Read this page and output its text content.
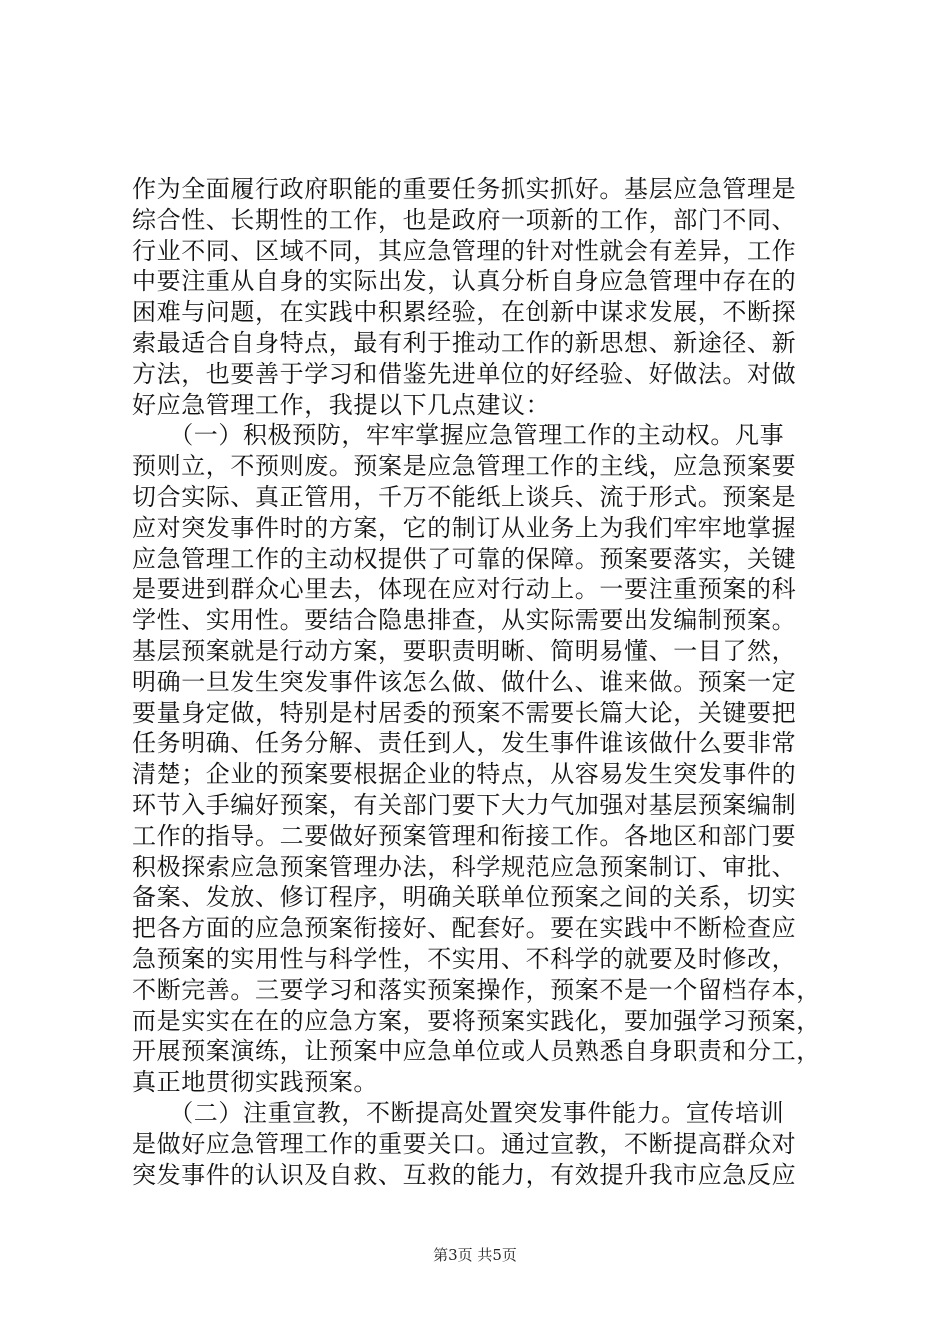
作为全面履行政府职能的重要任务抓实抓好。基层应急管理是
综合性、长期性的工作，也是政府一项新的工作，部门不同、
行业不同、区域不同，其应急管理的针对性就会有差异，工作
中要注重从自身的实际出发，认真分析自身应急管理中存在的
困难与问题，在实践中积累经验，在创新中谋求发展，不断探
索最适合自身特点，最有利于推动工作的新思想、新途径、新
方法，也要善于学习和借鉴先进单位的好经验、好做法。对做
好应急管理工作，我提以下几点建议：
　　（一）积极预防，牢牢掌握应急管理工作的主动权。凡事
预则立，不预则废。预案是应急管理工作的主线，应急预案要
切合实际、真正管用，千万不能纸上谈兵、流于形式。预案是
应对突发事件时的方案，它的制订从业务上为我们牢牢地掌握
应急管理工作的主动权提供了可靠的保障。预案要落实，关键
是要进到群众心里去，体现在应对行动上。一要注重预案的科
学性、实用性。要结合隐患排查，从实际需要出发编制预案。
基层预案就是行动方案，要职责明晰、简明易懂、一目了然，
明确一旦发生突发事件该怎么做、做什么、谁来做。预案一定
要量身定做，特别是村居委的预案不需要长篇大论，关键要把
任务明确、任务分解、责任到人，发生事件谁该做什么要非常
清楚；企业的预案要根据企业的特点，从容易发生突发事件的
环节入手编好预案，有关部门要下大力气加强对基层预案编制
工作的指导。二要做好预案管理和衔接工作。各地区和部门要
积极探索应急预案管理办法，科学规范应急预案制订、审批、
备案、发放、修订程序，明确关联单位预案之间的关系，切实
把各方面的应急预案衔接好、配套好。要在实践中不断检查应
急预案的实用性与科学性，不实用、不科学的就要及时修改，
不断完善。三要学习和落实预案操作，预案不是一个留档存本，
而是实实在在的应急方案，要将预案实践化，要加强学习预案，
开展预案演练，让预案中应急单位或人员熟悉自身职责和分工，
真正地贯彻实践预案。
　　（二）注重宣教，不断提高处置突发事件能力。宣传培训
是做好应急管理工作的重要关口。通过宣教，不断提高群众对
突发事件的认识及自救、互救的能力，有效提升我市应急反应
第3页 共5页
